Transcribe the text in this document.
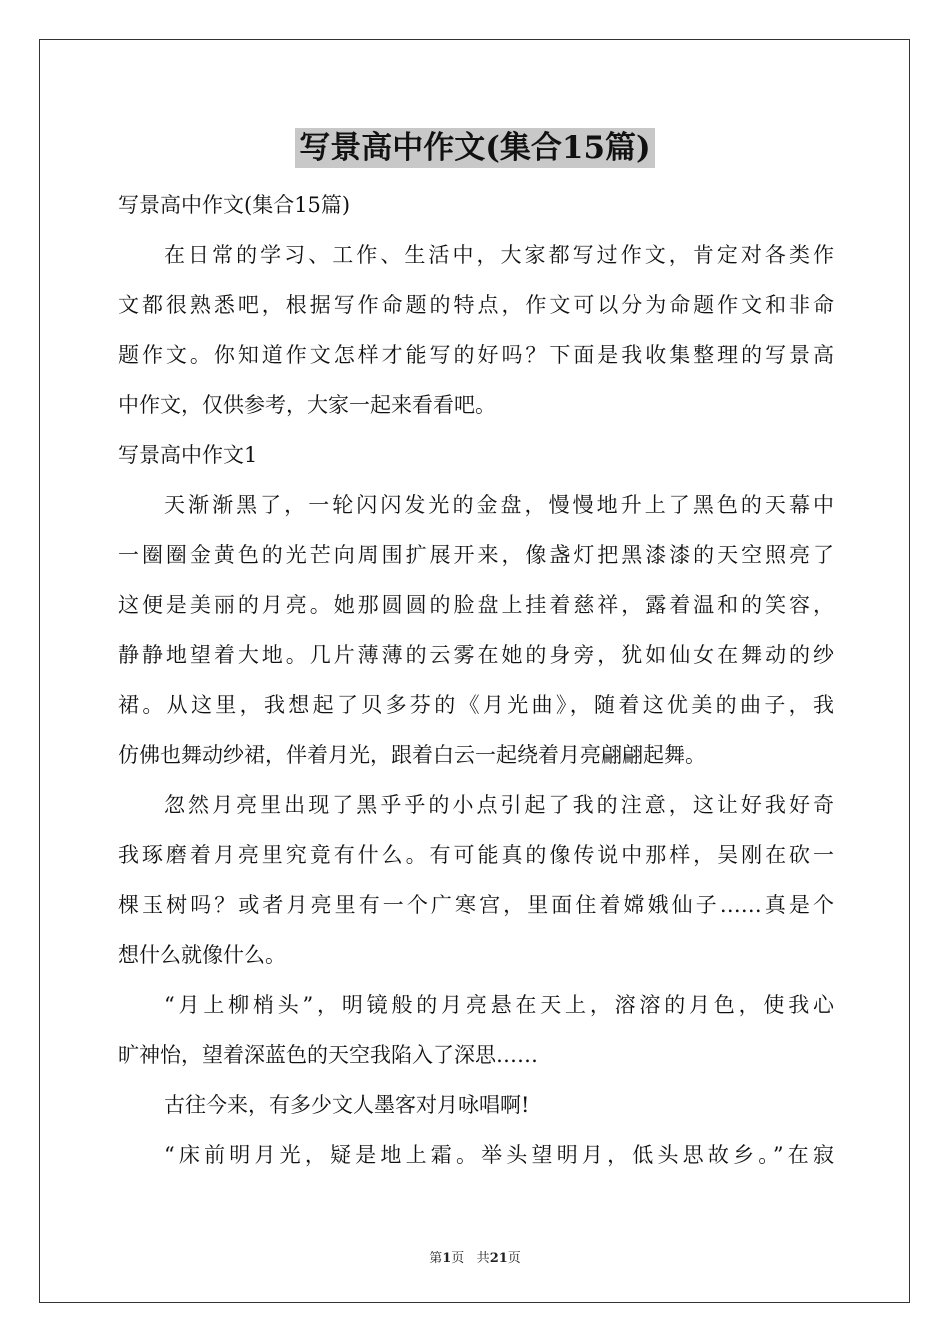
写景高中作文(集合15篇)
写景高中作文(集合15篇)
在日常的学习、工作、生活中，大家都写过作文，肯定对各类作
文都很熟悉吧，根据写作命题的特点，作文可以分为命题作文和非命
题作文。你知道作文怎样才能写的好吗？下面是我收集整理的写景高
中作文，仅供参考，大家一起来看看吧。
写景高中作文1
天渐渐黑了，一轮闪闪发光的金盘，慢慢地升上了黑色的天幕中
一圈圈金黄色的光芒向周围扩展开来，像盏灯把黑漆漆的天空照亮了
这便是美丽的月亮。她那圆圆的脸盘上挂着慈祥，露着温和的笑容，
静静地望着大地。几片薄薄的云雾在她的身旁，犹如仙女在舞动的纱
裙。从这里，我想起了贝多芬的《月光曲》，随着这优美的曲子，我
仿佛也舞动纱裙，伴着月光，跟着白云一起绕着月亮翩翩起舞。
忽然月亮里出现了黑乎乎的小点引起了我的注意，这让好我好奇
我琢磨着月亮里究竟有什么。有可能真的像传说中那样，吴刚在砍一
棵玉树吗？或者月亮里有一个广寒宫，里面住着嫦娥仙子……真是个
想什么就像什么。
“月上柳梢头”，明镜般的月亮悬在天上，溶溶的月色，使我心
旷神怡，望着深蓝色的天空我陷入了深思……
古往今来，有多少文人墨客对月咏唱啊!
“床前明月光，疑是地上霜。举头望明月，低头思故乡。”在寂
第1页 共21页
